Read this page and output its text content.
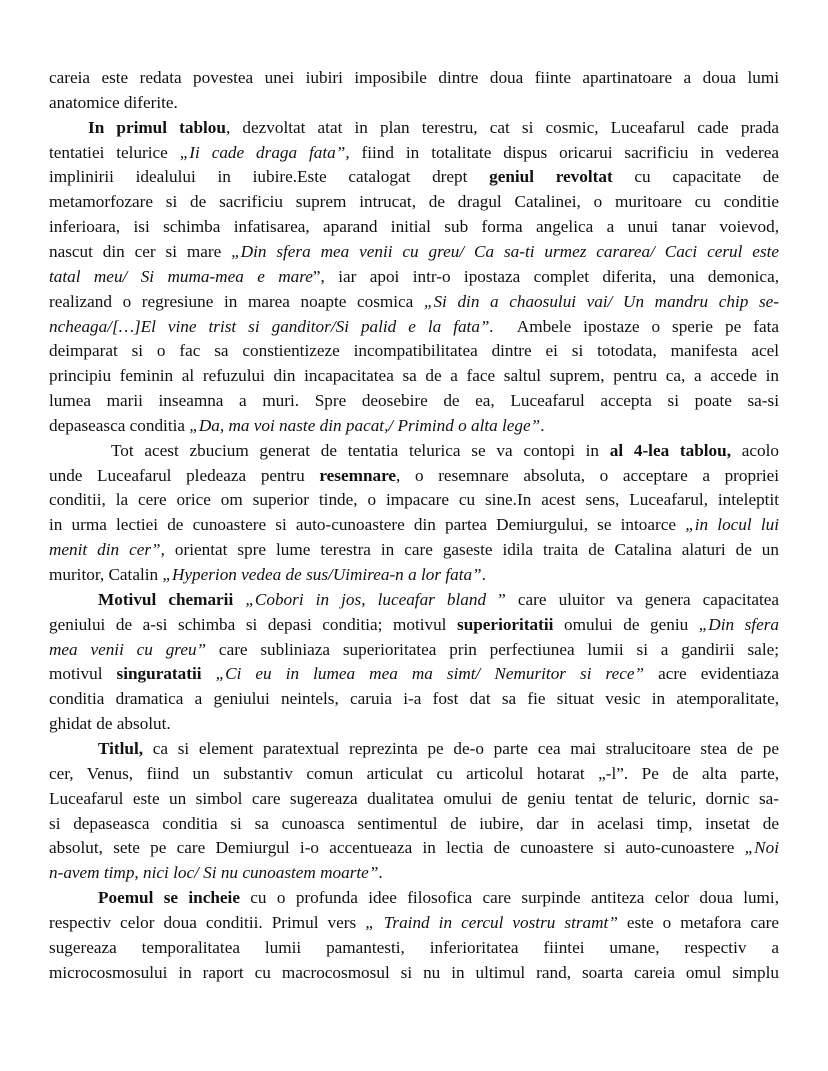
careia este redata povestea unei iubiri imposibile dintre doua fiinte apartinatoare a doua lumi
anatomice diferite.
In primul tablou, dezvoltat atat in plan terestru, cat si cosmic, Luceafarul cade prada
tentatiei telurice „Ii cade draga fata”, fiind in totalitate dispus oricarui sacrificiu in vederea
implinirii idealului in iubire.Este catalogat drept geniul revoltat cu capacitate de
metamorfozare si de sacrificiu suprem intrucat, de dragul Catalinei, o muritoare cu conditie
inferioara, isi schimba infatisarea, aparand initial sub forma angelica a unui tanar voievod,
nascut din cer si mare „Din sfera mea venii cu greu/ Ca sa-ti urmez cararea/ Caci cerul este
tatal meu/ Si muma-mea e mare”, iar apoi intr-o ipostaza complet diferita, una demonica,
realizand o regresiune in marea noapte cosmica „Si din a chaosului vai/ Un mandru chip se-
ncheaga/[…]El vine trist si ganditor/Si palid e la fata”.  Ambele ipostaze o sperie pe fata
deimparat si o fac sa constientizeze incompatibilitatea dintre ei si totodata, manifesta acel
principiu feminin al refuzului din incapacitatea sa de a face saltul suprem, pentru ca, a accede in
lumea marii inseamna a muri. Spre deosebire de ea, Luceafarul accepta si poate sa-si
depaseasca conditia „Da, ma voi naste din pacat,/ Primind o alta lege”.
Tot acest zbucium generat de tentatia telurica se va contopi in al 4-lea tablou, acolo
unde Luceafarul pledeaza pentru resemnare, o resemnare absoluta, o acceptare a propriei
conditii, la cere orice om superior tinde, o impacare cu sine.In acest sens, Luceafarul, inteleptit
in urma lectiei de cunoastere si auto-cunoastere din partea Demiurgului, se intoarce „in locul lui
menit din cer”, orientat spre lume terestra in care gaseste idila traita de Catalina alaturi de un
muritor, Catalin „Hyperion vedea de sus/Uimirea-n a lor fata”.
Motivul chemarii „Cobori in jos, luceafar bland ” care uluitor va genera capacitatea
geniului de a-si schimba si depasi conditia; motivul superioritatii omului de geniu „Din sfera
mea venii cu greu” care subliniaza superioritatea prin perfectiunea lumii si a gandirii sale;
motivul singuratatii „Ci eu in lumea mea ma simt/ Nemuritor si rece” acre evidentiaza
conditia dramatica a geniului neintels, caruia i-a fost dat sa fie situat vesic in atemporalitate,
ghidat de absolut.
Titlul, ca si element paratextual reprezinta pe de-o parte cea mai stralucitoare stea de pe
cer, Venus, fiind un substantiv comun articulat cu articolul hotarat „-l”. Pe de alta parte,
Luceafarul este un simbol care sugereaza dualitatea omului de geniu tentat de teluric, dornic sa-
si depaseasca conditia si sa cunoasca sentimentul de iubire, dar in acelasi timp, insetat de
absolut, sete pe care Demiurgul i-o accentueaza in lectia de cunoastere si auto-cunoastere „Noi
n-avem timp, nici loc/ Si nu cunoastem moarte”.
Poemul se incheie cu o profunda idee filosofica care surpinde antiteza celor doua lumi,
respectiv celor doua conditii. Primul vers „ Traind in cercul vostru stramt” este o metafora care
sugereaza temporalitatea lumii pamantesti, inferioritatea fiintei umane, respectiv a
microcosmosului in raport cu macrocosmosul si nu in ultimul rand, soarta careia omul simplu
